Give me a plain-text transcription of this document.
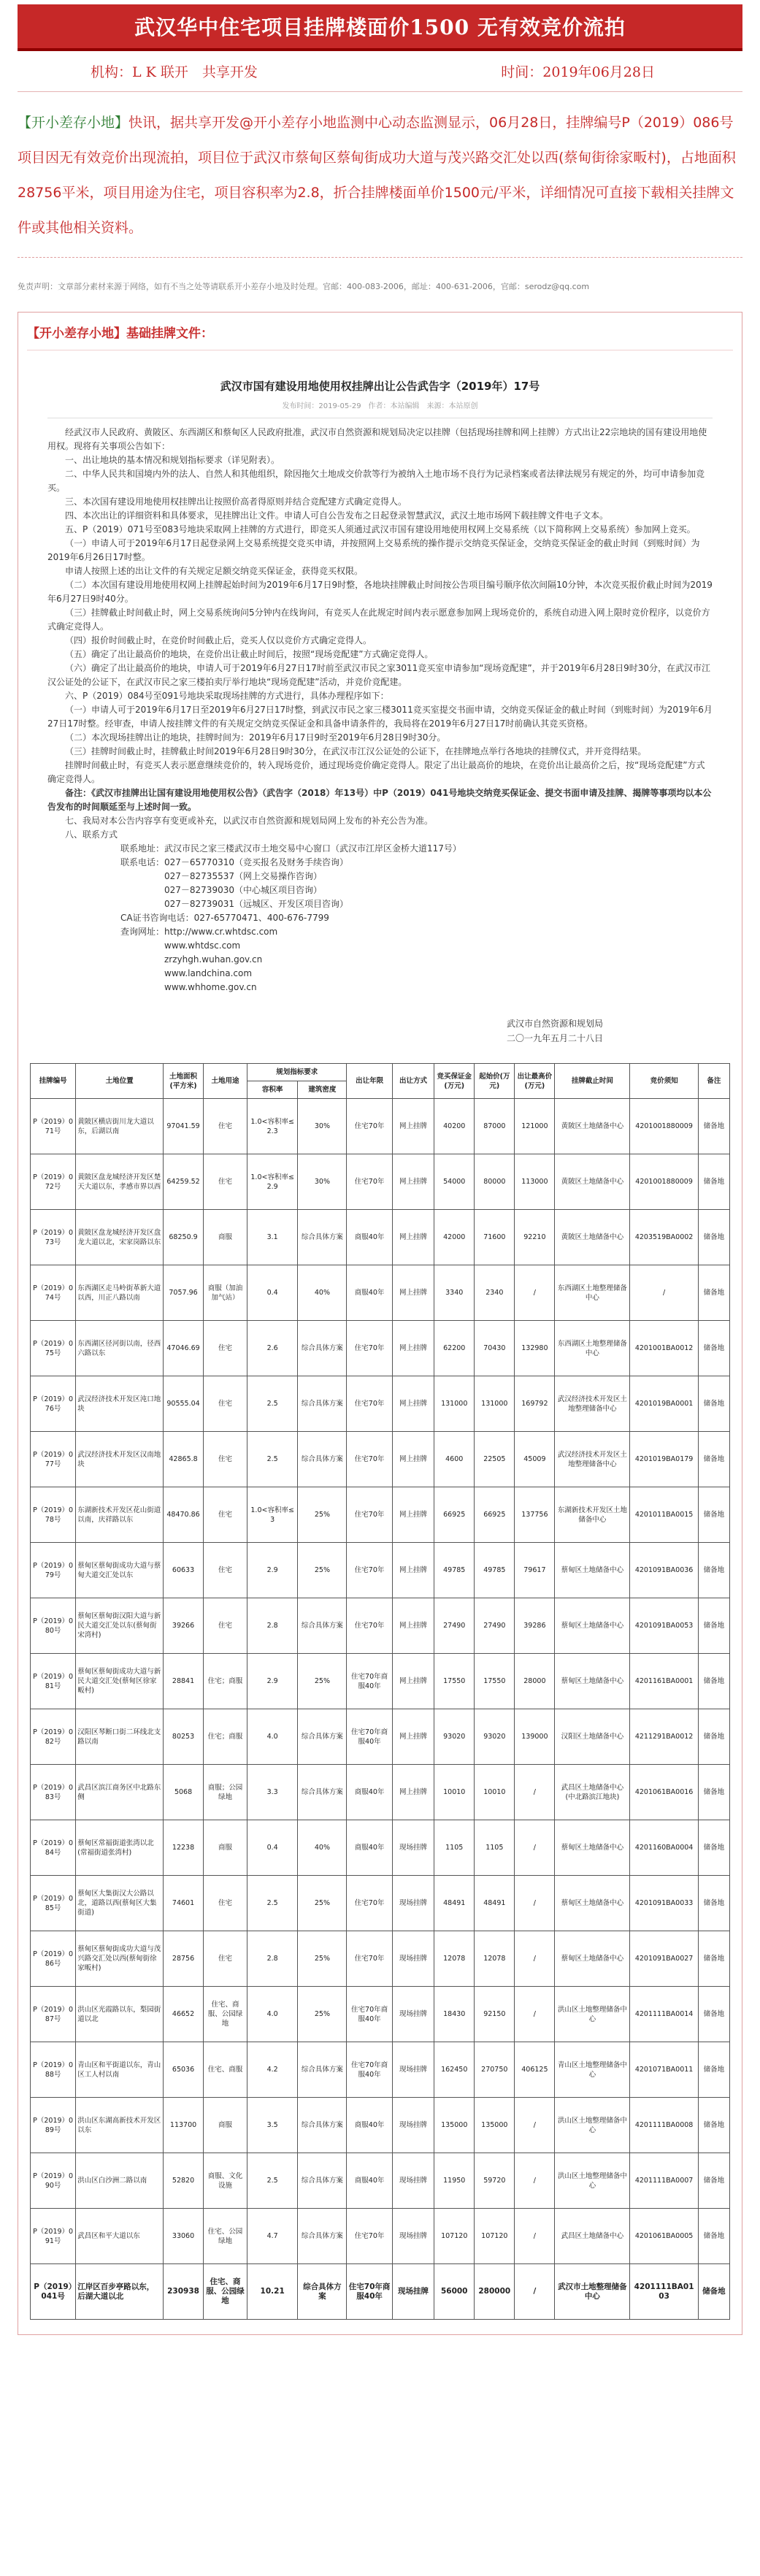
武汉华中住宅项目挂牌楼面价1500 无有效竞价流拍
机构：L K 联开　共享开发	时间：2019年06月28日
【开小差存小地】快讯，据共享开发@开小差存小地监测中心动态监测显示，06月28日，挂牌编号P（2019）086号项目因无有效竞价出现流拍，项目位于武汉市蔡甸区蔡甸街成功大道与茂兴路交汇处以西(蔡甸街徐家畈村)，占地面积28756平米，项目用途为住宅，项目容积率为2.8，折合挂牌楼面单价1500元/平米，详细情况可直接下载相关挂牌文件或其他相关资料。
免责声明：文章部分素材来源于网络，如有不当之处等请联系开小差存小地及时处理。官邮：400-083-2006，邮址：400-631-2006，官邮：serodz@qq.com
【开小差存小地】基础挂牌文件：
武汉市国有建设用地使用权挂牌出让公告武告字（2019年）17号
发布时间：2019-05-29　作者：本站编辑　来源：本站原创

经武汉市人民政府、黄陂区、东西湖区和蔡甸区人民政府批准，武汉市自然资源和规划局决定以挂牌（包括现场挂牌和网上挂牌）方式出让22宗地块的国有建设用地使用权。现将有关事项公告如下：

一、出让地块的基本情况和规划指标要求（详见附表）。

二、中华人民共和国境内外的法人、自然人和其他组织，除因拖欠土地成交价款等行为被纳入土地市场不良行为记录档案或者法律法规另有规定的外，均可申请参加竞买。

三、本次国有建设用地使用权挂牌出让按照价高者得原则并结合竞配建方式确定竞得人。

四、本次出让的详细资料和具体要求，见挂牌出让文件。申请人可自公告发布之日起登录智慧武汉，武汉土地市场网下载挂牌文件电子文本。

五、P（2019）071号至083号地块采取网上挂牌的方式进行，即竞买人须通过武汉市国有建设用地使用权网上交易系统（以下简称网上交易系统）参加网上竞买。

（一）申请人可于2019年6月17日起登录网上交易系统提交竞买申请，并按照网上交易系统的操作提示交纳竞买保证金，交纳竞买保证金的截止时间（到账时间）为2019年6月26日17时整。

申请人按照上述的出让文件的有关规定足额交纳竞买保证金，获得竞买权限。

（二）本次国有建设用地使用权网上挂牌起始时间为2019年6月17日9时整，各地块挂牌截止时间按公告项目编号顺序依次间隔10分钟，本次竞买报价截止时间为2019年6月27日9时40分。

（三）挂牌截止时间截止时，网上交易系统询问5分钟内在线询问，有竞买人在此规定时间内表示愿意参加网上现场竞价的，系统自动进入网上限时竞价程序，以竞价方式确定竞得人。

（四）报价时间截止时，在竞价时间截止后，竞买人仅以竞价方式确定竞得人。

（五）确定了出让最高价的地块，在竞价出让截止时间后，按照“现场竞配建”方式确定竞得人。

（六）确定了出让最高价的地块，申请人可于2019年6月27日17时前至武汉市民之家3011竞买室申请参加“现场竞配建”，并于2019年6月28日9时30分，在武汉市江汉公证处的公证下，在武汉市民之家三楼拍卖厅举行地块“现场竞配建”活动，并竞价竞配建。

六、P（2019）084号至091号地块采取现场挂牌的方式进行，具体办理程序如下：

（一）申请人可于2019年6月17日至2019年6月27日17时整，到武汉市民之家三楼3011竞买室提交书面申请，交纳竞买保证金的截止时间（到账时间）为2019年6月27日17时整。经审查，申请人按挂牌文件的有关规定交纳竞买保证金和具备申请条件的，我局将在2019年6月27日17时前确认其竞买资格。

（二）本次现场挂牌出让的地块，挂牌时间为：2019年6月17日9时至2019年6月28日9时30分。

（三）挂牌时间截止时，挂牌截止时间2019年6月28日9时30分，在武汉市江汉公证处的公证下，在挂牌地点举行各地块的挂牌仪式，并开竞得结果。

挂牌时间截止时，有竞买人表示愿意继续竞价的，转入现场竞价，通过现场竞价确定竞得人。限定了出让最高价的地块，在竞价出让最高价之后，按“现场竞配建”方式确定竞得人。

备注：《武汉市挂牌出让国有建设用地使用权公告》（武告字（2018）年13号）中P（2019）041号地块交纳竞买保证金、提交书面申请及挂牌、揭牌等事项均以本公告发布的时间顺延至与上述时间一致。

七、我局对本公告内容享有变更或补充，以武汉市自然资源和规划局网上发布的补充公告为准。

八、联系方式

联系地址：武汉市民之家三楼武汉市土地交易中心窗口（武汉市江岸区金桥大道117号）
联系电话：027－65770310（竞买报名及财务手续咨询）
　　　　　027－82735537（网上交易操作咨询）
　　　　　027－82739030（中心城区项目咨询）
　　　　　027－82739031（远城区、开发区项目咨询）
CA证书咨询电话：027-65770471、400-676-7799
查询网址：http://www.cr.whtdsc.com
　　　　　www.whtdsc.com
　　　　　zrzyhgh.wuhan.gov.cn
　　　　　www.landchina.com
　　　　　www.whhome.gov.cn
武汉市自然资源和规划局
二〇一九年五月二十八日
挂牌编号	土地位置	土地面积(平方米)	土地用途	规划指标要求		出让年限	出让方式	竞买保证金(万元)	起始价(万元)	出让最高价(万元)	挂牌截止时间	竞价须知	备注
				容积率	建筑密度								
P（2019）071号	黄陂区横店街川龙大道以东，后湖以南	97041.59	住宅	1.0<容积率≤2.3	30%	住宅70年	网上挂牌	40200	87000	121000	黄陂区土地储备中心	4201001880009	储备地
P（2019）072号	黄陂区盘龙城经济开发区楚天大道以东，孝感市界以西	64259.52	住宅	1.0<容积率≤2.9	30%	住宅70年	网上挂牌	54000	80000	113000	黄陂区土地储备中心	4201001880009	储备地
P（2019）073号	黄陂区盘龙城经济开发区盘龙大道以北，宋家岗路以东	68250.9	商服	3.1	综合具体方案	商服40年	网上挂牌	42000	71600	92210	黄陂区土地储备中心	4203519BA0002	储备地
P（2019）074号	东西湖区走马岭街革新大道以西，川正八路以南	7057.96	商服（加油加气站）	0.4	40%	商服40年	网上挂牌	3340	2340	/	东西湖区土地整理储备中心	/	储备地
P（2019）075号	东西湖区径河街以南，径西六路以东	47046.69	住宅	2.6	综合具体方案	住宅70年	网上挂牌	62200	70430	132980	东西湖区土地整理储备中心	4201001BA0012	储备地
P（2019）076号	武汉经济技术开发区沌口地块	90555.04	住宅	2.5	综合具体方案	住宅70年	网上挂牌	131000	131000	169792	武汉经济技术开发区土地整理储备中心	4201019BA0001	储备地
P（2019）077号	武汉经济技术开发区汉南地块	42865.8	住宅	2.5	综合具体方案	住宅70年	网上挂牌	4600	22505	45009	武汉经济技术开发区土地整理储备中心	4201019BA0179	储备地
P（2019）078号	东湖新技术开发区花山街道以南，庆祥路以东	48470.86	住宅	1.0<容积率≤3	25%	住宅70年	网上挂牌	66925	66925	137756	东湖新技术开发区土地储备中心	4201011BA0015	储备地
P（2019）079号	蔡甸区蔡甸街成功大道与蔡甸大道交汇处以东	60633	住宅	2.9	25%	住宅70年	网上挂牌	49785	49785	79617	蔡甸区土地储备中心	4201091BA0036	储备地
P（2019）080号	蔡甸区蔡甸街汉阳大道与新民大道交汇处以东(蔡甸街宋湾村)	39266	住宅	2.8	综合具体方案	住宅70年	网上挂牌	27490	27490	39286	蔡甸区土地储备中心	4201091BA0053	储备地
P（2019）081号	蔡甸区蔡甸街成功大道与新民大道交汇处(蔡甸区徐家畈村)	28841	住宅；商服	2.9	25%	住宅70年商服40年	网上挂牌	17550	17550	28000	蔡甸区土地储备中心	4201161BA0001	储备地
P（2019）082号	汉阳区琴断口街二环线北支路以南	80253	住宅；商服	4.0	综合具体方案	住宅70年商服40年	网上挂牌	93020	93020	139000	汉阳区土地储备中心	4211291BA0012	储备地
P（2019）083号	武昌区滨江商务区中北路东侧	5068	商服；公园绿地	3.3	综合具体方案	商服40年	网上挂牌	10010	10010	/	武昌区土地储备中心(中北路滨江地块)	4201061BA0016	储备地
P（2019）084号	蔡甸区常福街道张湾以北(常福街道张湾村)	12238	商服	0.4	40%	商服40年	现场挂牌	1105	1105	/	蔡甸区土地储备中心	4201160BA0004	储备地
P（2019）085号	蔡甸区大集街汉大公路以北，道路以西(蔡甸区大集街道)	74601	住宅	2.5	25%	住宅70年	现场挂牌	48491	48491	/	蔡甸区土地储备中心	4201091BA0033	储备地
P（2019）086号	蔡甸区蔡甸街成功大道与茂兴路交汇处以西(蔡甸街徐家畈村)	28756	住宅	2.8	25%	住宅70年	现场挂牌	12078	12078	/	蔡甸区土地储备中心	4201091BA0027	储备地
P（2019）087号	洪山区光霞路以东，梨园街道以北	46652	住宅、商服、公园绿地	4.0	25%	住宅70年商服40年	现场挂牌	18430	92150	/	洪山区土地整理储备中心	4201111BA0014	储备地
P（2019）088号	青山区和平街道以东，青山区工人村以南	65036	住宅、商服	4.2	综合具体方案	住宅70年商服40年	现场挂牌	162450	270750	406125	青山区土地整理储备中心	4201071BA0011	储备地
P（2019）089号	洪山区东湖高新技术开发区以东	113700	商服	3.5	综合具体方案	商服40年	现场挂牌	135000	135000	/	洪山区土地整理储备中心	4201111BA0008	储备地
P（2019）090号	洪山区白沙洲二路以南	52820	商服、文化设施	2.5	综合具体方案	商服40年	现场挂牌	11950	59720	/	洪山区土地整理储备中心	4201111BA0007	储备地
P（2019）091号	武昌区和平大道以东	33060	住宅、公园绿地	4.7	综合具体方案	住宅70年	现场挂牌	107120	107120	/	武昌区土地储备中心	4201061BA0005	储备地
P（2019）041号	江岸区百步亭路以东，后湖大道以北	230938	住宅、商服、公园绿地	10.21	综合具体方案	住宅70年商服40年	现场挂牌	56000	280000	/	武汉市土地整理储备中心	4201111BA0103	储备地
